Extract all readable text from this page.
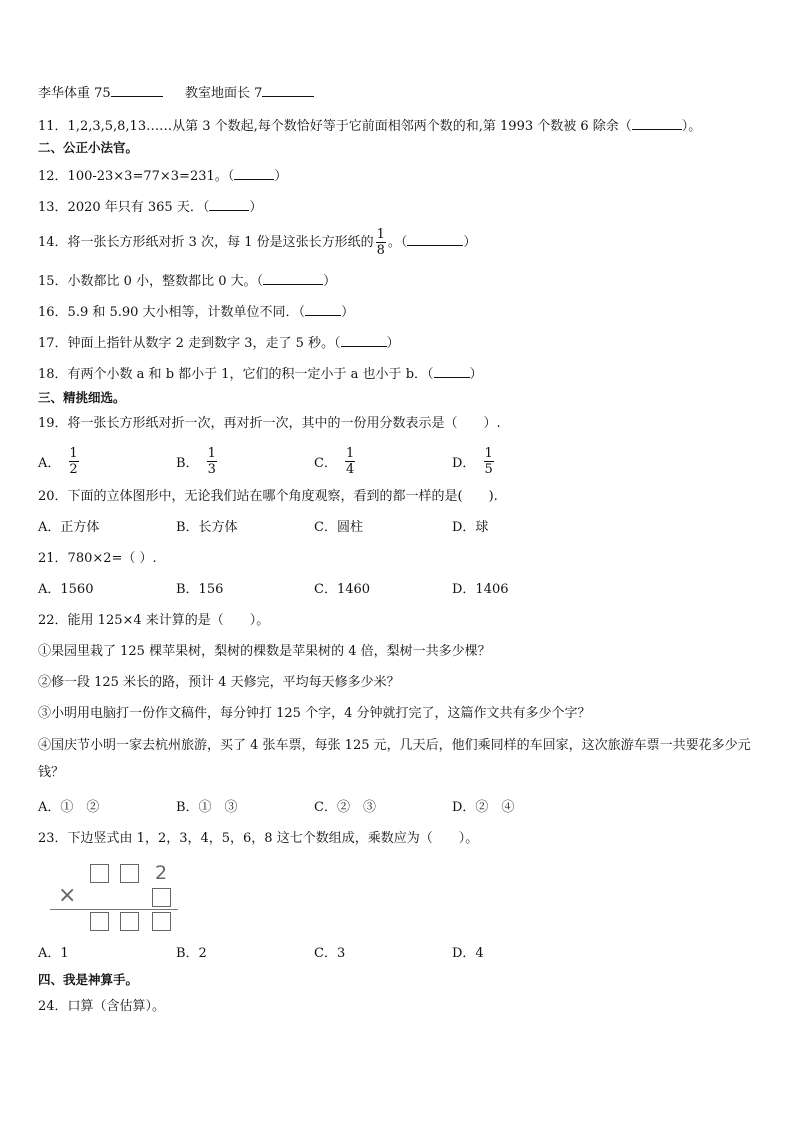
李华体重 75	教室地面长 7
11．1,2,3,5,8,13……从第 3 个数起,每个数恰好等于它前面相邻两个数的和,第 1993 个数被 6 除余（	）。
二、公正小法官。
12．100-23×3=77×3=231。（	）
13．2020 年只有 365 天．（	）
14．将一张长方形纸对折 3 次，每 1 份是这张长方形纸的 $\frac{1}{8}$ 。（	）
15．小数都比 0 小，整数都比 0 大。（	）
16．5.9 和 5.90 大小相等，计数单位不同．（	）
17．钟面上指针从数字 2 走到数字 3，走了 5 秒。（	）
18．有两个小数 a 和 b 都小于 1，它们的积一定小于 a 也小于 b．（	）
三、精挑细选。
19．将一张长方形纸对折一次，再对折一次，其中的一份用分数表示是（　　）.
A． $\frac{1}{2}$	B． $\frac{1}{3}$	C． $\frac{1}{4}$	D． $\frac{1}{5}$
20．下面的立体图形中，无论我们站在哪个角度观察，看到的都一样的是(　　).
A．正方体	B．长方体	C．圆柱	D．球
21．780×2=（ ）.
A．1560	B．156	C．1460	D．1406
22．能用 125×4 来计算的是（　　）。
①果园里栽了 125 棵苹果树，梨树的棵数是苹果树的 4 倍，梨树一共多少棵？
②修一段 125 米长的路，预计 4 天修完，平均每天修多少米？
③小明用电脑打一份作文稿件，每分钟打 125 个字，4 分钟就打完了，这篇作文共有多少个字？
④国庆节小明一家去杭州旅游，买了 4 张车票，每张 125 元，几天后，他们乘同样的车回家，这次旅游车票一共要花多少元钱？
A．①　②	B．①　③	C．②　③	D．②　④
23．下边竖式由 1，2，3，4，5，6，8 这七个数组成，乘数应为（　　）。
2
×
A．1	B．2	C．3	D．4
四、我是神算手。
24．口算（含估算）。
